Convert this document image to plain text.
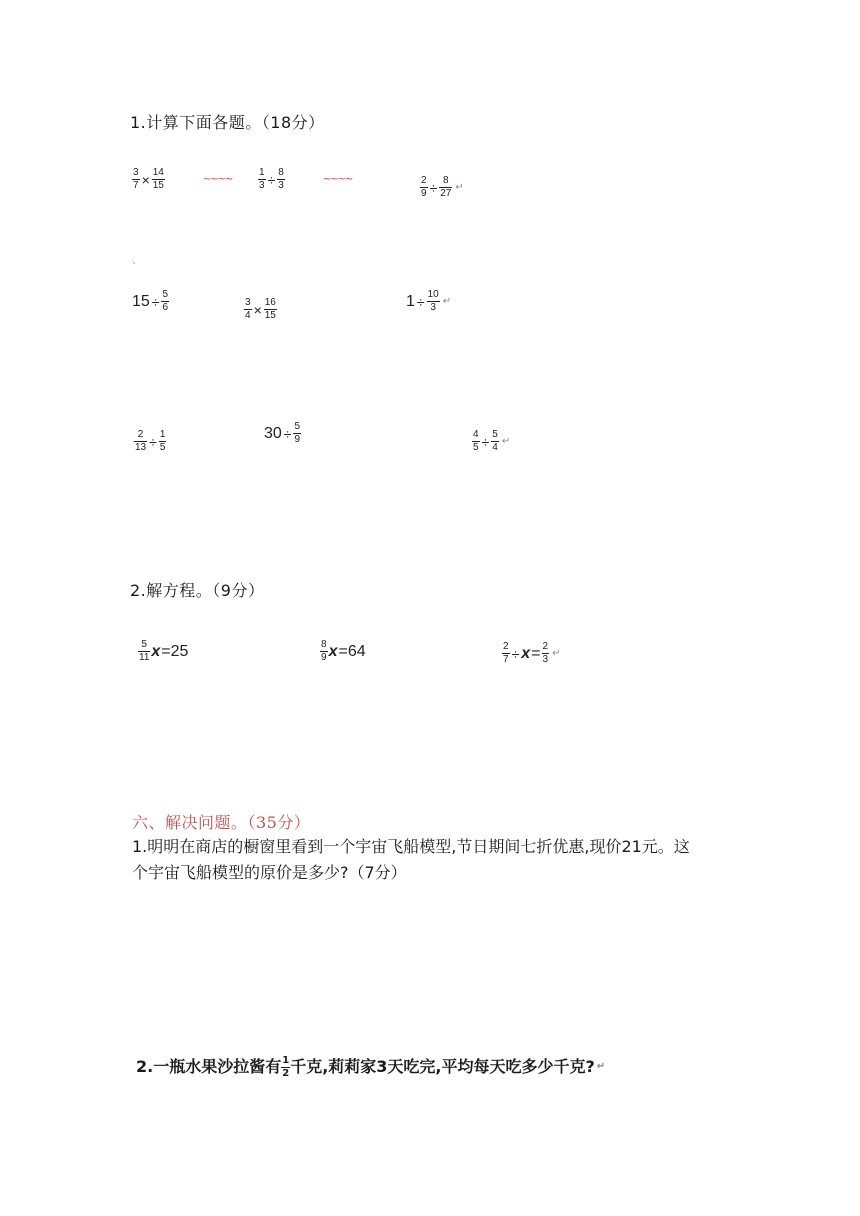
1.计算下面各题。（18分）
$\frac{3}{7} \times \frac{14}{15}$	~~~~	$\frac{1}{3} \div \frac{8}{3}$	~~~~	$\frac{2}{9} \div \frac{8}{27}$ ↵
`
$15 \div \frac{5}{6}$	$\frac{3}{4} \times \frac{16}{15}$	$1 \div \frac{10}{3}$ ↵
$\frac{2}{13} \div \frac{1}{5}$	$30 \div \frac{5}{9}$	$\frac{4}{5} \div \frac{5}{4}$ ↵
2.解方程。（9分）
$\frac{5}{11}$ x =25	$\frac{8}{9}$ x =64	$\frac{2}{7} \div x = \frac{2}{3}$ ↵
六、解决问题。（35分）
1.明明在商店的橱窗里看到一个宇宙飞船模型,节日期间七折优惠,现价21元。这
个宇宙飞船模型的原价是多少?（7分）
2.一瓶水果沙拉酱有 $\frac{1}{2}$ 千克,莉莉家3天吃完,平均每天吃多少千克? ↵
